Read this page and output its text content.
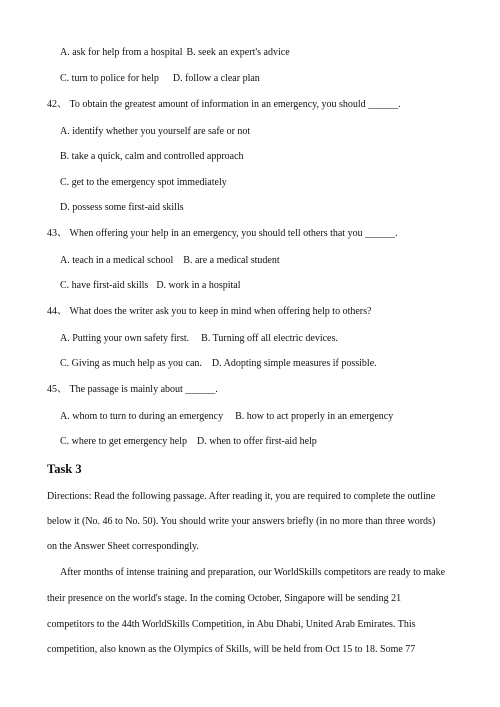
A. ask for help from a hospital B. seek an expert's advice
C. turn to police for help D. follow a clear plan
42、 To obtain the greatest amount of information in an emergency, you should ______.
A. identify whether you yourself are safe or not
B. take a quick, calm and controlled approach
C. get to the emergency spot immediately
D. possess some first-aid skills
43、 When offering your help in an emergency, you should tell others that you ______.
A. teach in a medical school B. are a medical student
C. have first-aid skills D. work in a hospital
44、 What does the writer ask you to keep in mind when offering help to others?
A. Putting your own safety first. B. Turning off all electric devices.
C. Giving as much help as you can. D. Adopting simple measures if possible.
45、 The passage is mainly about ______.
A. whom to turn to during an emergency B. how to act properly in an emergency
C. where to get emergency help D. when to offer first-aid help
Task 3
Directions: Read the following passage. After reading it, you are required to complete the outline
below it (No. 46 to No. 50). You should write your answers briefly (in no more than three words)
on the Answer Sheet correspondingly.
After months of intense training and preparation, our WorldSkills competitors are ready to make
their presence on the world's stage. In the coming October, Singapore will be sending 21
competitors to the 44th WorldSkills Competition, in Abu Dhabi, United Arab Emirates. This
competition, also known as the Olympics of Skills, will be held from Oct 15 to 18. Some 77
